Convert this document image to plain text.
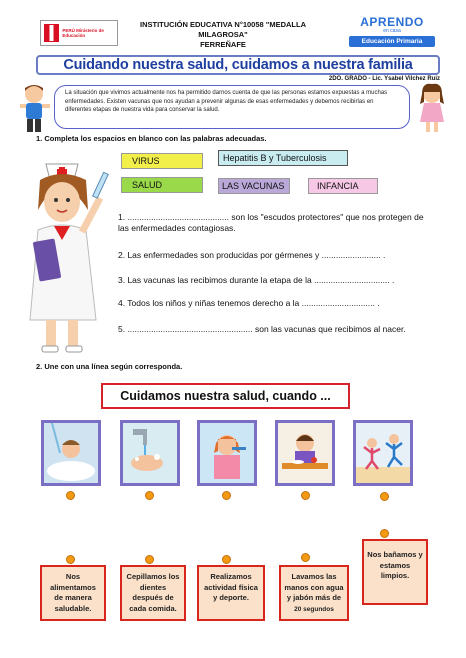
PERÚ Ministerio de Educación
INSTITUCIÓN EDUCATIVA N°10058 "MEDALLA MILAGROSA"
FERREÑAFE
APRENDO
en casa
Educación Primaria
Cuidando nuestra salud, cuidamos a nuestra familia
2DO. GRADO - Lic. Ysabel Vilchez Ruiz
La situación que vivimos actualmente nos ha permitido darnos cuenta de que las personas estamos expuestas a muchas enfermedades. Existen vacunas que nos ayudan a prevenir algunas de esas enfermedades y debemos recibirlas en diferentes etapas de nuestra vida para conservar la salud.
1. Completa los espacios en blanco con las palabras adecuadas.
VIRUS	Hepatitis B y Tuberculosis
SALUD	LAS VACUNAS	INFANCIA
1. ........................................... son los "escudos protectores" que nos protegen de las enfermedades contagiosas.
2. Las enfermedades son producidas por gérmenes y ......................... .
3. Las vacunas las recibimos durante la etapa de la ................................ .
4. Todos los niños y niñas tenemos derecho a la ............................... .
5. ..................................................... son las vacunas que recibimos al nacer.
2. Une con una línea según corresponda.
Cuidamos nuestra salud, cuando ...
Nos alimentamos de manera saludable.
Cepillamos los dientes después de cada comida.
Realizamos actividad física y deporte.
Lavamos las manos con agua y jabón más de 20 segundos
Nos bañamos y estamos limpios.
